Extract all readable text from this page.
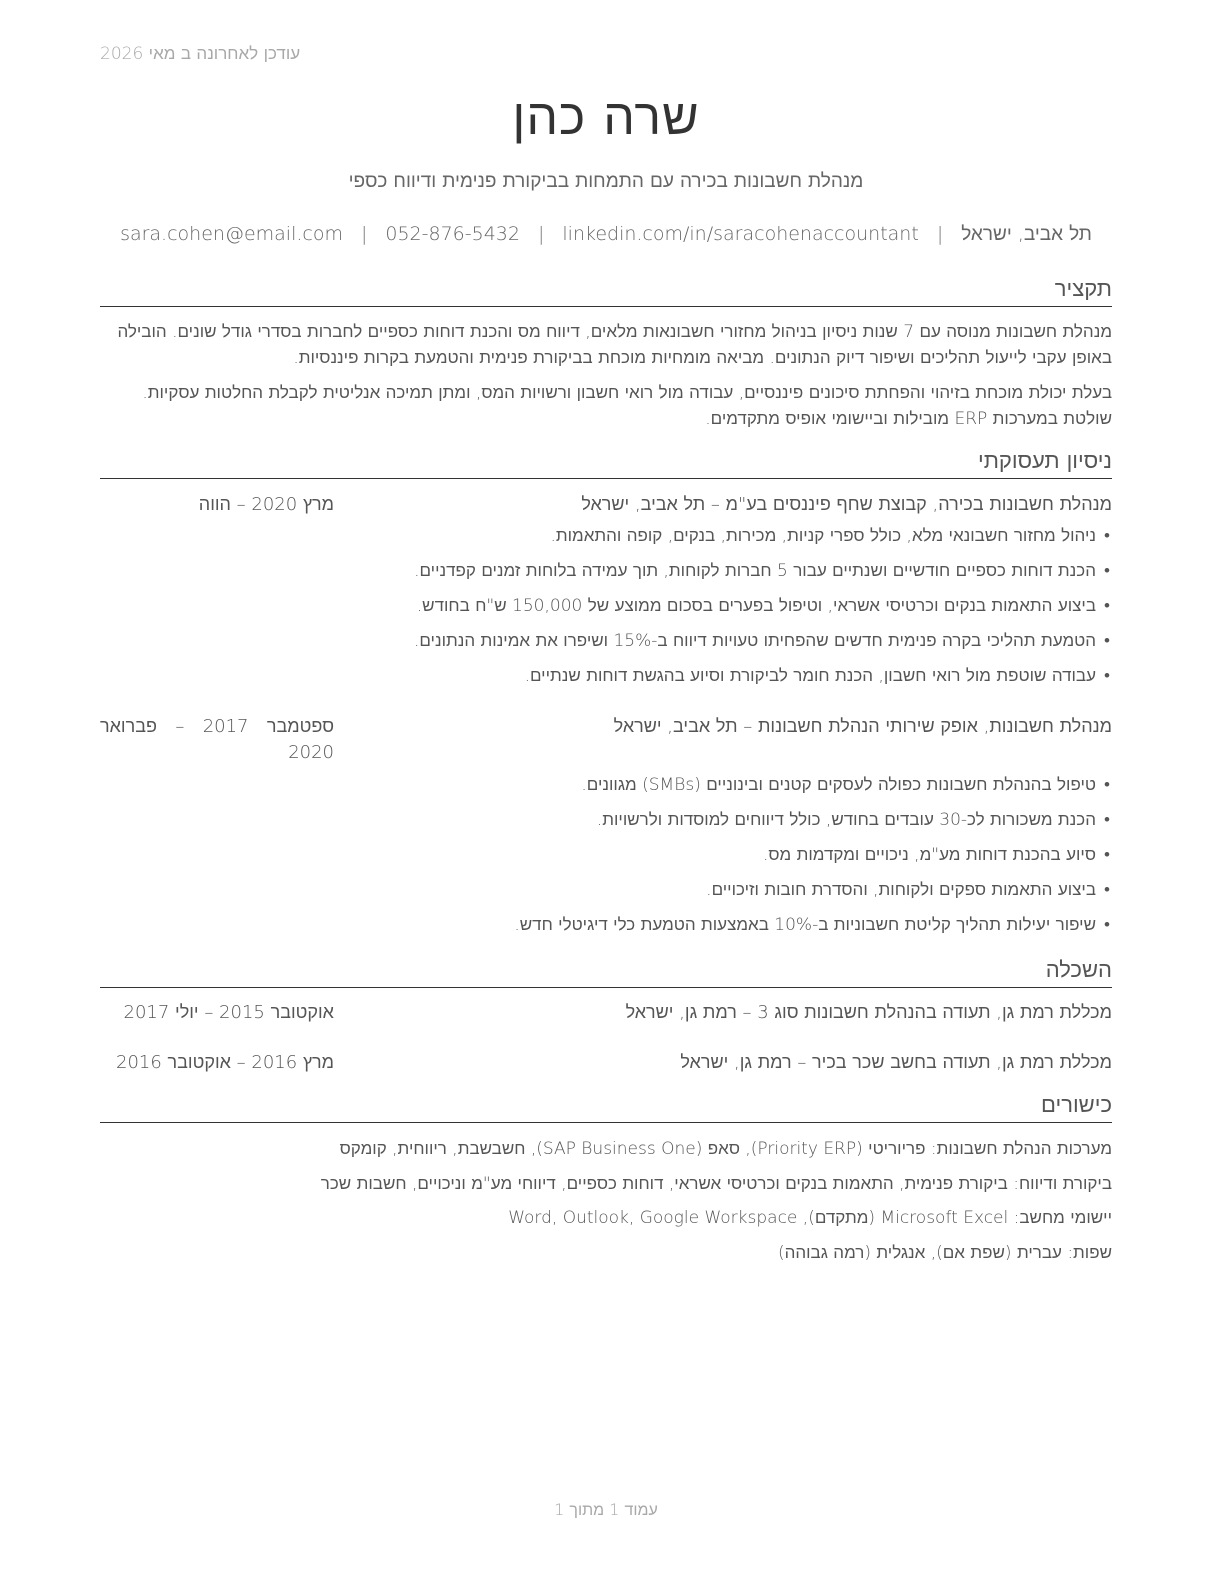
עודכן לאחרונה ב מאי 2026
שרה כהן
מנהלת חשבונות בכירה עם התמחות בביקורת פנימית ודיווח כספי
תל אביב, ישראל|sara.cohen@email.com | 052-876-5432 | linkedin.com/in/saracohenaccountant
תקציר
מנהלת חשבונות מנוסה עם 7 שנות ניסיון בניהול מחזורי חשבונאות מלאים, דיווח מס והכנת דוחות כספיים לחברות בסדרי גודל שונים. הובילה באופן עקבי לייעול תהליכים ושיפור דיוק הנתונים. מביאה מומחיות מוכחת בביקורת פנימית והטמעת בקרות פיננסיות.
בעלת יכולת מוכחת בזיהוי והפחתת סיכונים פיננסיים, עבודה מול רואי חשבון ורשויות המס, ומתן תמיכה אנליטית לקבלת החלטות עסקיות. שולטת במערכות ERP מובילות וביישומי אופיס מתקדמים.
ניסיון תעסוקתי
מנהלת חשבונות בכירה, קבוצת שחף פיננסים בע"מ – תל אביב, ישראל
מרץ 2020 – הווה
•
ניהול מחזור חשבונאי מלא, כולל ספרי קניות, מכירות, בנקים, קופה והתאמות.
•
הכנת דוחות כספיים חודשיים ושנתיים עבור 5 חברות לקוחות, תוך עמידה בלוחות זמנים קפדניים.
•
ביצוע התאמות בנקים וכרטיסי אשראי, וטיפול בפערים בסכום ממוצע של 150,000 ש"ח בחודש.
•
הטמעת תהליכי בקרה פנימית חדשים שהפחיתו טעויות דיווח ב-15% ושיפרו את אמינות הנתונים.
•
עבודה שוטפת מול רואי חשבון, הכנת חומר לביקורת וסיוע בהגשת דוחות שנתיים.
מנהלת חשבונות, אופק שירותי הנהלת חשבונות – תל אביב, ישראל
ספטמבר 2017 – פברואר 2020
•
טיפול בהנהלת חשבונות כפולה לעסקים קטנים ובינוניים (SMBs) מגוונים.
•
הכנת משכורות לכ-30 עובדים בחודש, כולל דיווחים למוסדות ולרשויות.
•
סיוע בהכנת דוחות מע"מ, ניכויים ומקדמות מס.
•
ביצוע התאמות ספקים ולקוחות, והסדרת חובות וזיכויים.
•
שיפור יעילות תהליך קליטת חשבוניות ב-10% באמצעות הטמעת כלי דיגיטלי חדש.
השכלה
מכללת רמת גן, תעודה בהנהלת חשבונות סוג 3 – רמת גן, ישראל
אוקטובר 2015 – יולי 2017
מכללת רמת גן, תעודה בחשב שכר בכיר – רמת גן, ישראל
מרץ 2016 – אוקטובר 2016
כישורים
מערכות הנהלת חשבונות: פריוריטי (Priority ERP), סאפ (SAP Business One), חשבשבת, ריווחית, קומקס
ביקורת ודיווח: ביקורת פנימית, התאמות בנקים וכרטיסי אשראי, דוחות כספיים, דיווחי מע"מ וניכויים, חשבות שכר
יישומי מחשב: Microsoft Excel (מתקדם), Word, Outlook, Google Workspace
שפות: עברית (שפת אם), אנגלית (רמה גבוהה)
עמוד 1 מתוך 1
